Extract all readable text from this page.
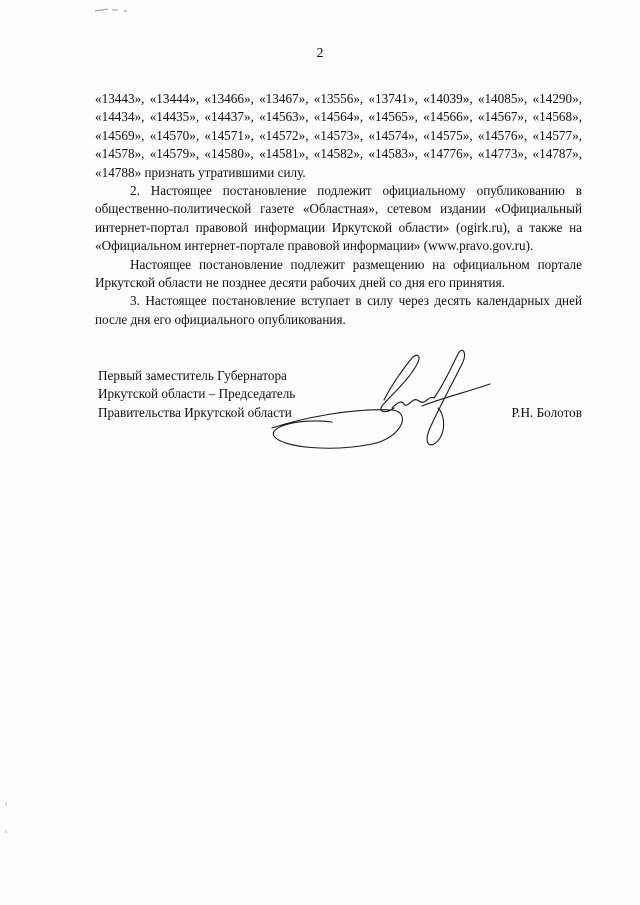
2

«13443», «13444», «13466», «13467», «13556», «13741», «14039», «14085», «14290», «14434», «14435», «14437», «14563», «14564», «14565», «14566», «14567», «14568», «14569», «14570», «14571», «14572», «14573», «14574», «14575», «14576», «14577», «14578», «14579», «14580», «14581», «14582», «14583», «14776», «14773», «14787», «14788» признать утратившими силу.

2. Настоящее постановление подлежит официальному опубликованию в общественно-политической газете «Областная», сетевом издании «Официальный интернет-портал правовой информации Иркутской области» (ogirk.ru), а также на «Официальном интернет-портале правовой информации» (www.pravo.gov.ru).

Настоящее постановление подлежит размещению на официальном портале Иркутской области не позднее десяти рабочих дней со дня его принятия.

3. Настоящее постановление вступает в силу через десять календарных дней после дня его официального опубликования.

Первый заместитель Губернатора
Иркутской области – Председатель
Правительства Иркутской области	Р.Н. Болотов
